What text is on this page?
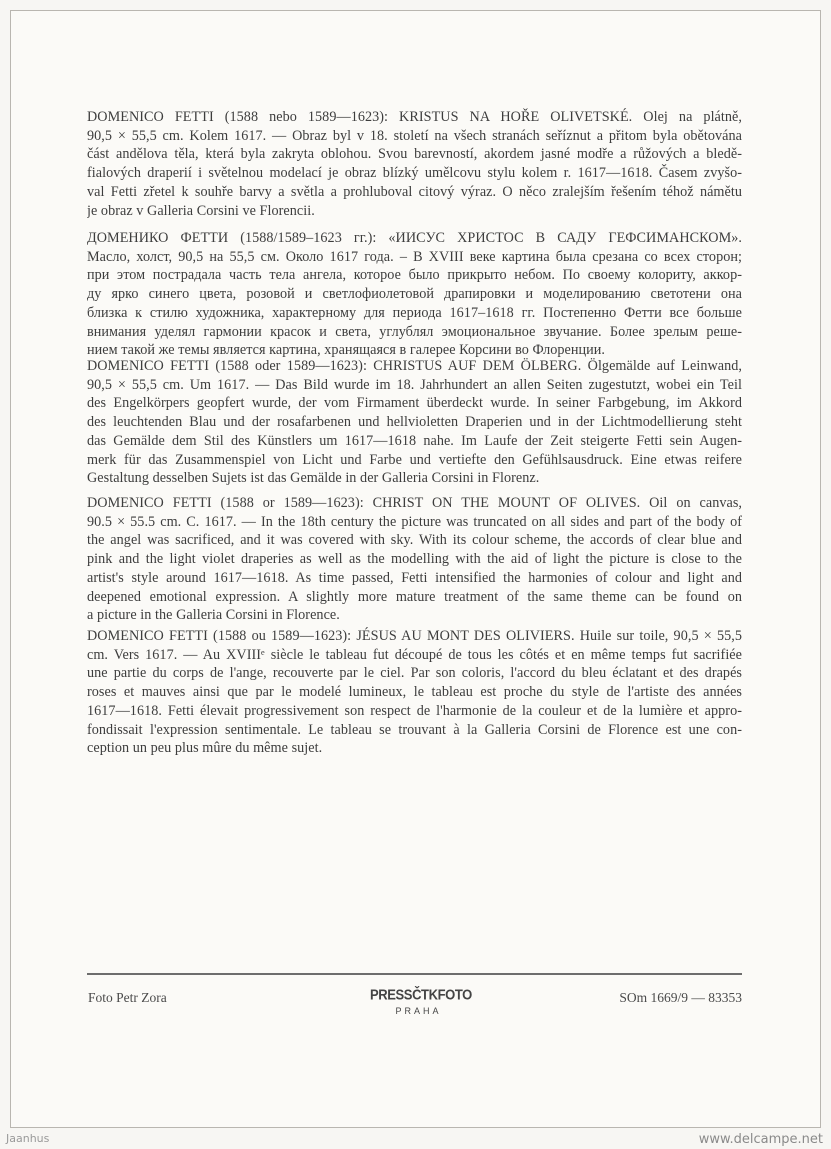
DOMENICO FETTI (1588 nebo 1589—1623): KRISTUS NA HOŘE OLIVETSKÉ. Olej na plátně,
90,5 × 55,5 cm. Kolem 1617. — Obraz byl v 18. století na všech stranách seříznut a přitom byla obětována
část andělova těla, která byla zakryta oblohou. Svou barevností, akordem jasné modře a růžových a bledě-
fialových draperií i světelnou modelací je obraz blízký umělcovu stylu kolem r. 1617—1618. Časem zvyšo-
val Fetti zřetel k souhře barvy a světla a prohluboval citový výraz. O něco zralejším řešením téhož námětu
je obraz v Galleria Corsini ve Florencii.
ДОМЕНИКО ФЕТТИ (1588/1589–1623 гг.): «ИИСУС ХРИСТОС В САДУ ГЕФСИМАНСКОМ».
Масло, холст, 90,5 на 55,5 см. Около 1617 года. – В XVIII веке картина была срезана со всех сторон;
при этом пострадала часть тела ангела, которое было прикрыто небом. По своему колориту, аккор-
ду ярко синего цвета, розовой и светлофиолетовой драпировки и моделированию светотени она
близка к стилю художника, характерному для периода 1617–1618 гг. Постепенно Фетти все больше
внимания уделял гармонии красок и света, углублял эмоциональное звучание. Более зрелым реше-
нием такой же темы является картина, хранящаяся в галерее Корсини во Флоренции.
DOMENICO FETTI (1588 oder 1589—1623): CHRISTUS AUF DEM ÖLBERG. Ölgemälde auf Leinwand,
90,5 × 55,5 cm. Um 1617. — Das Bild wurde im 18. Jahrhundert an allen Seiten zugestutzt, wobei ein Teil
des Engelkörpers geopfert wurde, der vom Firmament überdeckt wurde. In seiner Farbgebung, im Akkord
des leuchtenden Blau und der rosafarbenen und hellvioletten Draperien und in der Lichtmodellierung steht
das Gemälde dem Stil des Künstlers um 1617—1618 nahe. Im Laufe der Zeit steigerte Fetti sein Augen-
merk für das Zusammenspiel von Licht und Farbe und vertiefte den Gefühlsausdruck. Eine etwas reifere
Gestaltung desselben Sujets ist das Gemälde in der Galleria Corsini in Florenz.
DOMENICO FETTI (1588 or 1589—1623): CHRIST ON THE MOUNT OF OLIVES. Oil on canvas,
90.5 × 55.5 cm. C. 1617. — In the 18th century the picture was truncated on all sides and part of the body of
the angel was sacrificed, and it was covered with sky. With its colour scheme, the accords of clear blue and
pink and the light violet draperies as well as the modelling with the aid of light the picture is close to the
artist's style around 1617—1618. As time passed, Fetti intensified the harmonies of colour and light and
deepened emotional expression. A slightly more mature treatment of the same theme can be found on
a picture in the Galleria Corsini in Florence.
DOMENICO FETTI (1588 ou 1589—1623): JÉSUS AU MONT DES OLIVIERS. Huile sur toile, 90,5 × 55,5
cm. Vers 1617. — Au XVIIIᵉ siècle le tableau fut découpé de tous les côtés et en même temps fut sacrifiée
une partie du corps de l'ange, recouverte par le ciel. Par son coloris, l'accord du bleu éclatant et des drapés
roses et mauves ainsi que par le modelé lumineux, le tableau est proche du style de l'artiste des années
1617—1618. Fetti élevait progressivement son respect de l'harmonie de la couleur et de la lumière et appro-
fondissait l'expression sentimentale. Le tableau se trouvant à la Galleria Corsini de Florence est une con-
ception un peu plus mûre du même sujet.
Foto Petr Zora	PRESSČTKFOTO
PRAHA
SOm 1669/9 — 83353
Jaanhus	www.delcampe.net
